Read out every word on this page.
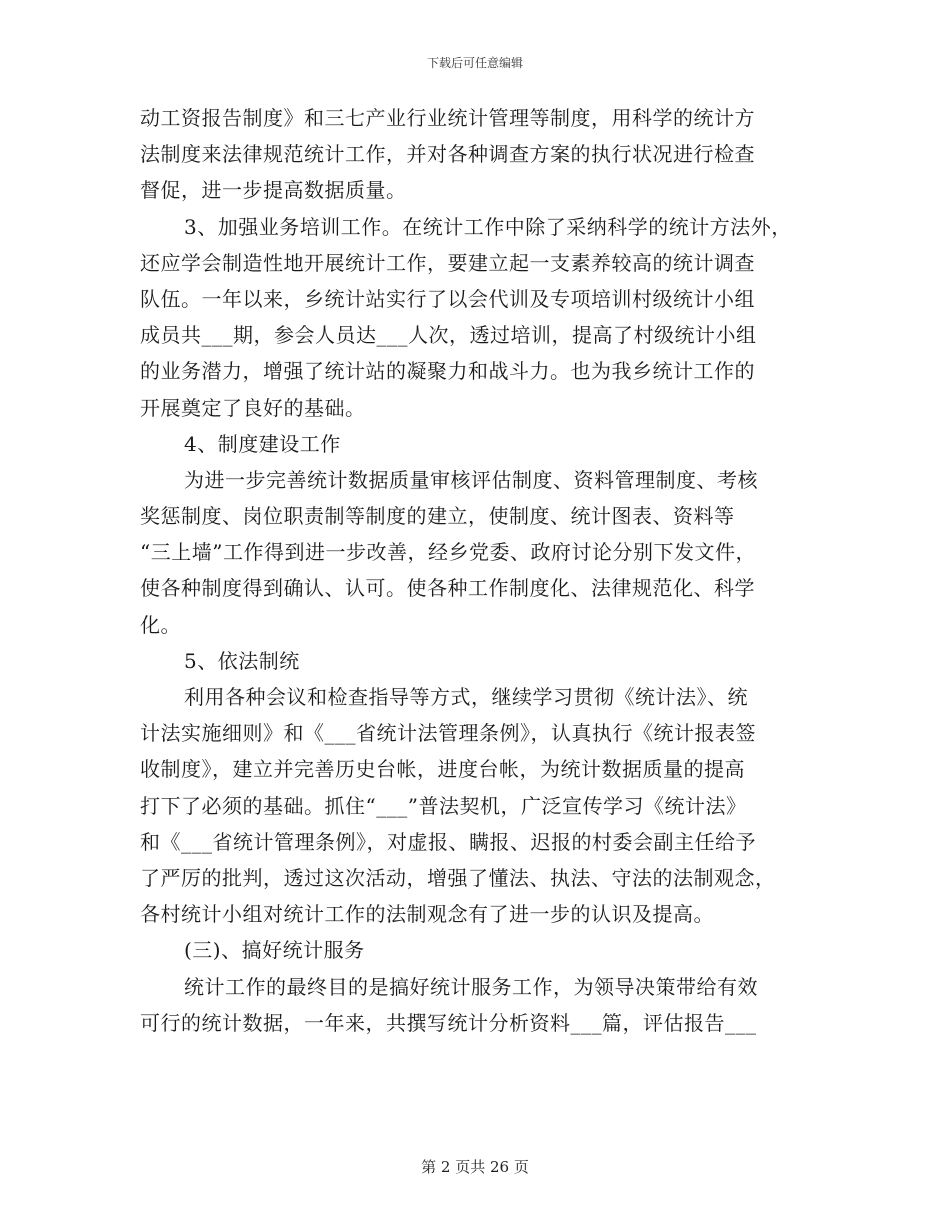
下载后可任意编辑
动工资报告制度》和三七产业行业统计管理等制度，用科学的统计方
法制度来法律规范统计工作，并对各种调查方案的执行状况进行检查
督促，进一步提高数据质量。
3、加强业务培训工作。在统计工作中除了采纳科学的统计方法外，
还应学会制造性地开展统计工作，要建立起一支素养较高的统计调查
队伍。一年以来，乡统计站实行了以会代训及专项培训村级统计小组
成员共___期，参会人员达___人次，透过培训，提高了村级统计小组
的业务潜力，增强了统计站的凝聚力和战斗力。也为我乡统计工作的
开展奠定了良好的基础。
4、制度建设工作
为进一步完善统计数据质量审核评估制度、资料管理制度、考核
奖惩制度、岗位职责制等制度的建立，使制度、统计图表、资料等
“三上墙”工作得到进一步改善，经乡党委、政府讨论分别下发文件，
使各种制度得到确认、认可。使各种工作制度化、法律规范化、科学
化。
5、依法制统
利用各种会议和检查指导等方式，继续学习贯彻《统计法》、统
计法实施细则》和《___省统计法管理条例》，认真执行《统计报表签
收制度》，建立并完善历史台帐，进度台帐，为统计数据质量的提高
打下了必须的基础。抓住“___”普法契机，广泛宣传学习《统计法》
和《___省统计管理条例》，对虚报、瞒报、迟报的村委会副主任给予
了严厉的批判，透过这次活动，增强了懂法、执法、守法的法制观念，
各村统计小组对统计工作的法制观念有了进一步的认识及提高。
(三)、搞好统计服务
统计工作的最终目的是搞好统计服务工作，为领导决策带给有效
可行的统计数据，一年来，共撰写统计分析资料___篇，评估报告___
第 2 页共 26 页
